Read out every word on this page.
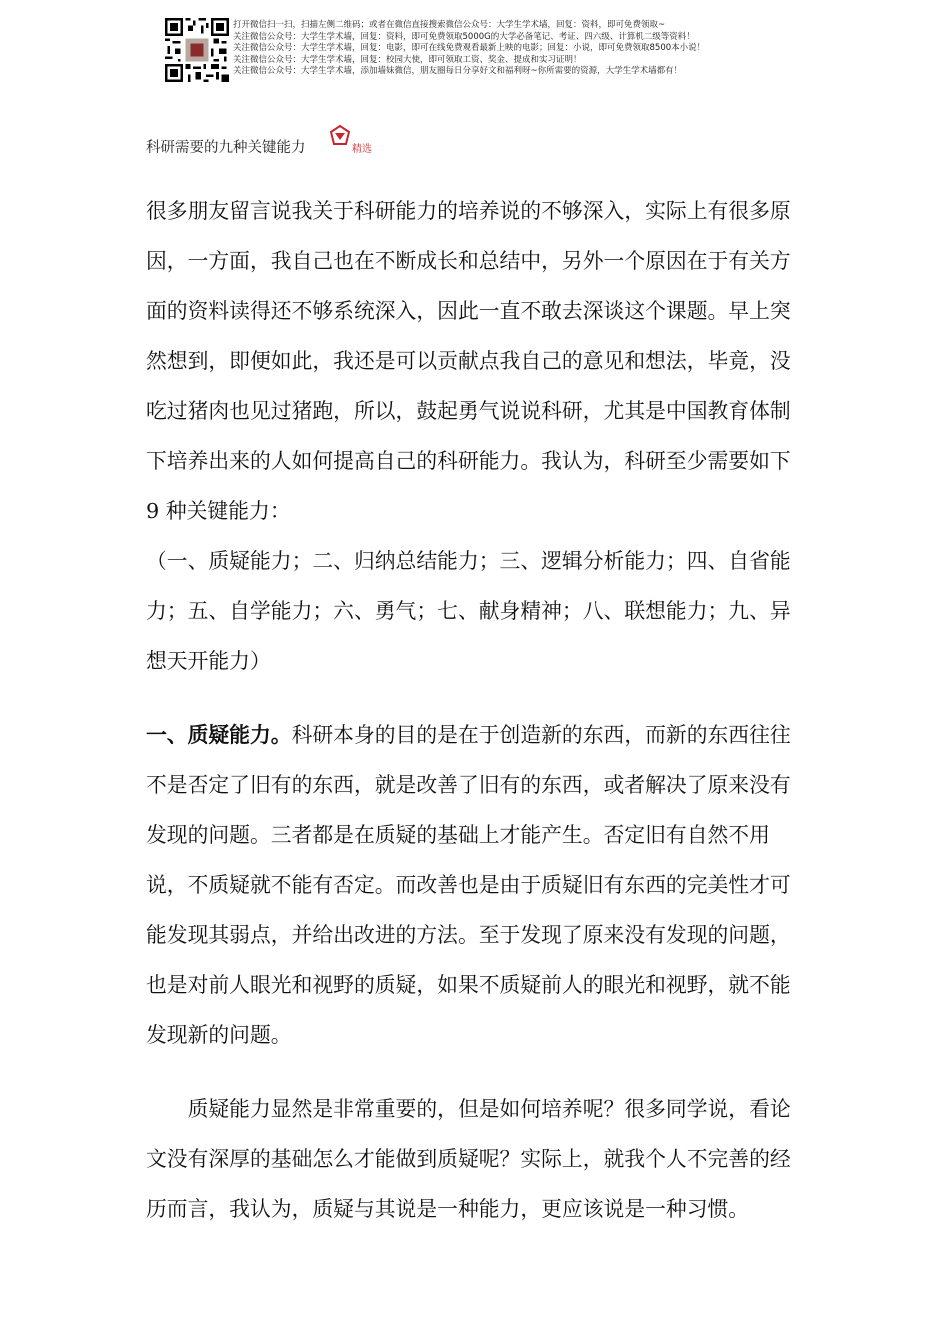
打开微信扫一扫，扫描左侧二维码；或者在微信直接搜索微信公众号：大学生学术墙，回复：资料，即可免费领取~
关注微信公众号：大学生学术墙，回复：资料，即可免费领取5000G的大学必备笔记、考证、四六级、计算机二级等资料！
关注微信公众号：大学生学术墙，回复：电影，即可在线免费观看最新上映的电影；回复：小说，即可免费领取8500本小说！
关注微信公众号：大学生学术墙，回复：校园大使，即可领取工资、奖金、提成和实习证明！
关注微信公众号：大学生学术墙，添加墙妹微信，朋友圈每日分享好文和福利呀~你所需要的资源，大学生学术墙都有！
科研需要的九种关键能力	精选

很多朋友留言说我关于科研能力的培养说的不够深入，实际上有很多原因，一方面，我自己也在不断成长和总结中，另外一个原因在于有关方面的资料读得还不够系统深入，因此一直不敢去深谈这个课题。早上突然想到，即便如此，我还是可以贡献点我自己的意见和想法，毕竟，没吃过猪肉也见过猪跑，所以，鼓起勇气说说科研，尤其是中国教育体制下培养出来的人如何提高自己的科研能力。我认为，科研至少需要如下 9 种关键能力：

（一、质疑能力；二、归纳总结能力；三、逻辑分析能力；四、自省能力；五、自学能力；六、勇气；七、献身精神；八、联想能力；九、异想天开能力）

一、质疑能力。科研本身的目的是在于创造新的东西，而新的东西往往不是否定了旧有的东西，就是改善了旧有的东西，或者解决了原来没有发现的问题。三者都是在质疑的基础上才能产生。否定旧有自然不用说，不质疑就不能有否定。而改善也是由于质疑旧有东西的完美性才可能发现其弱点，并给出改进的方法。至于发现了原来没有发现的问题，也是对前人眼光和视野的质疑，如果不质疑前人的眼光和视野，就不能发现新的问题。

质疑能力显然是非常重要的，但是如何培养呢？很多同学说，看论文没有深厚的基础怎么才能做到质疑呢？实际上，就我个人不完善的经历而言，我认为，质疑与其说是一种能力，更应该说是一种习惯。
